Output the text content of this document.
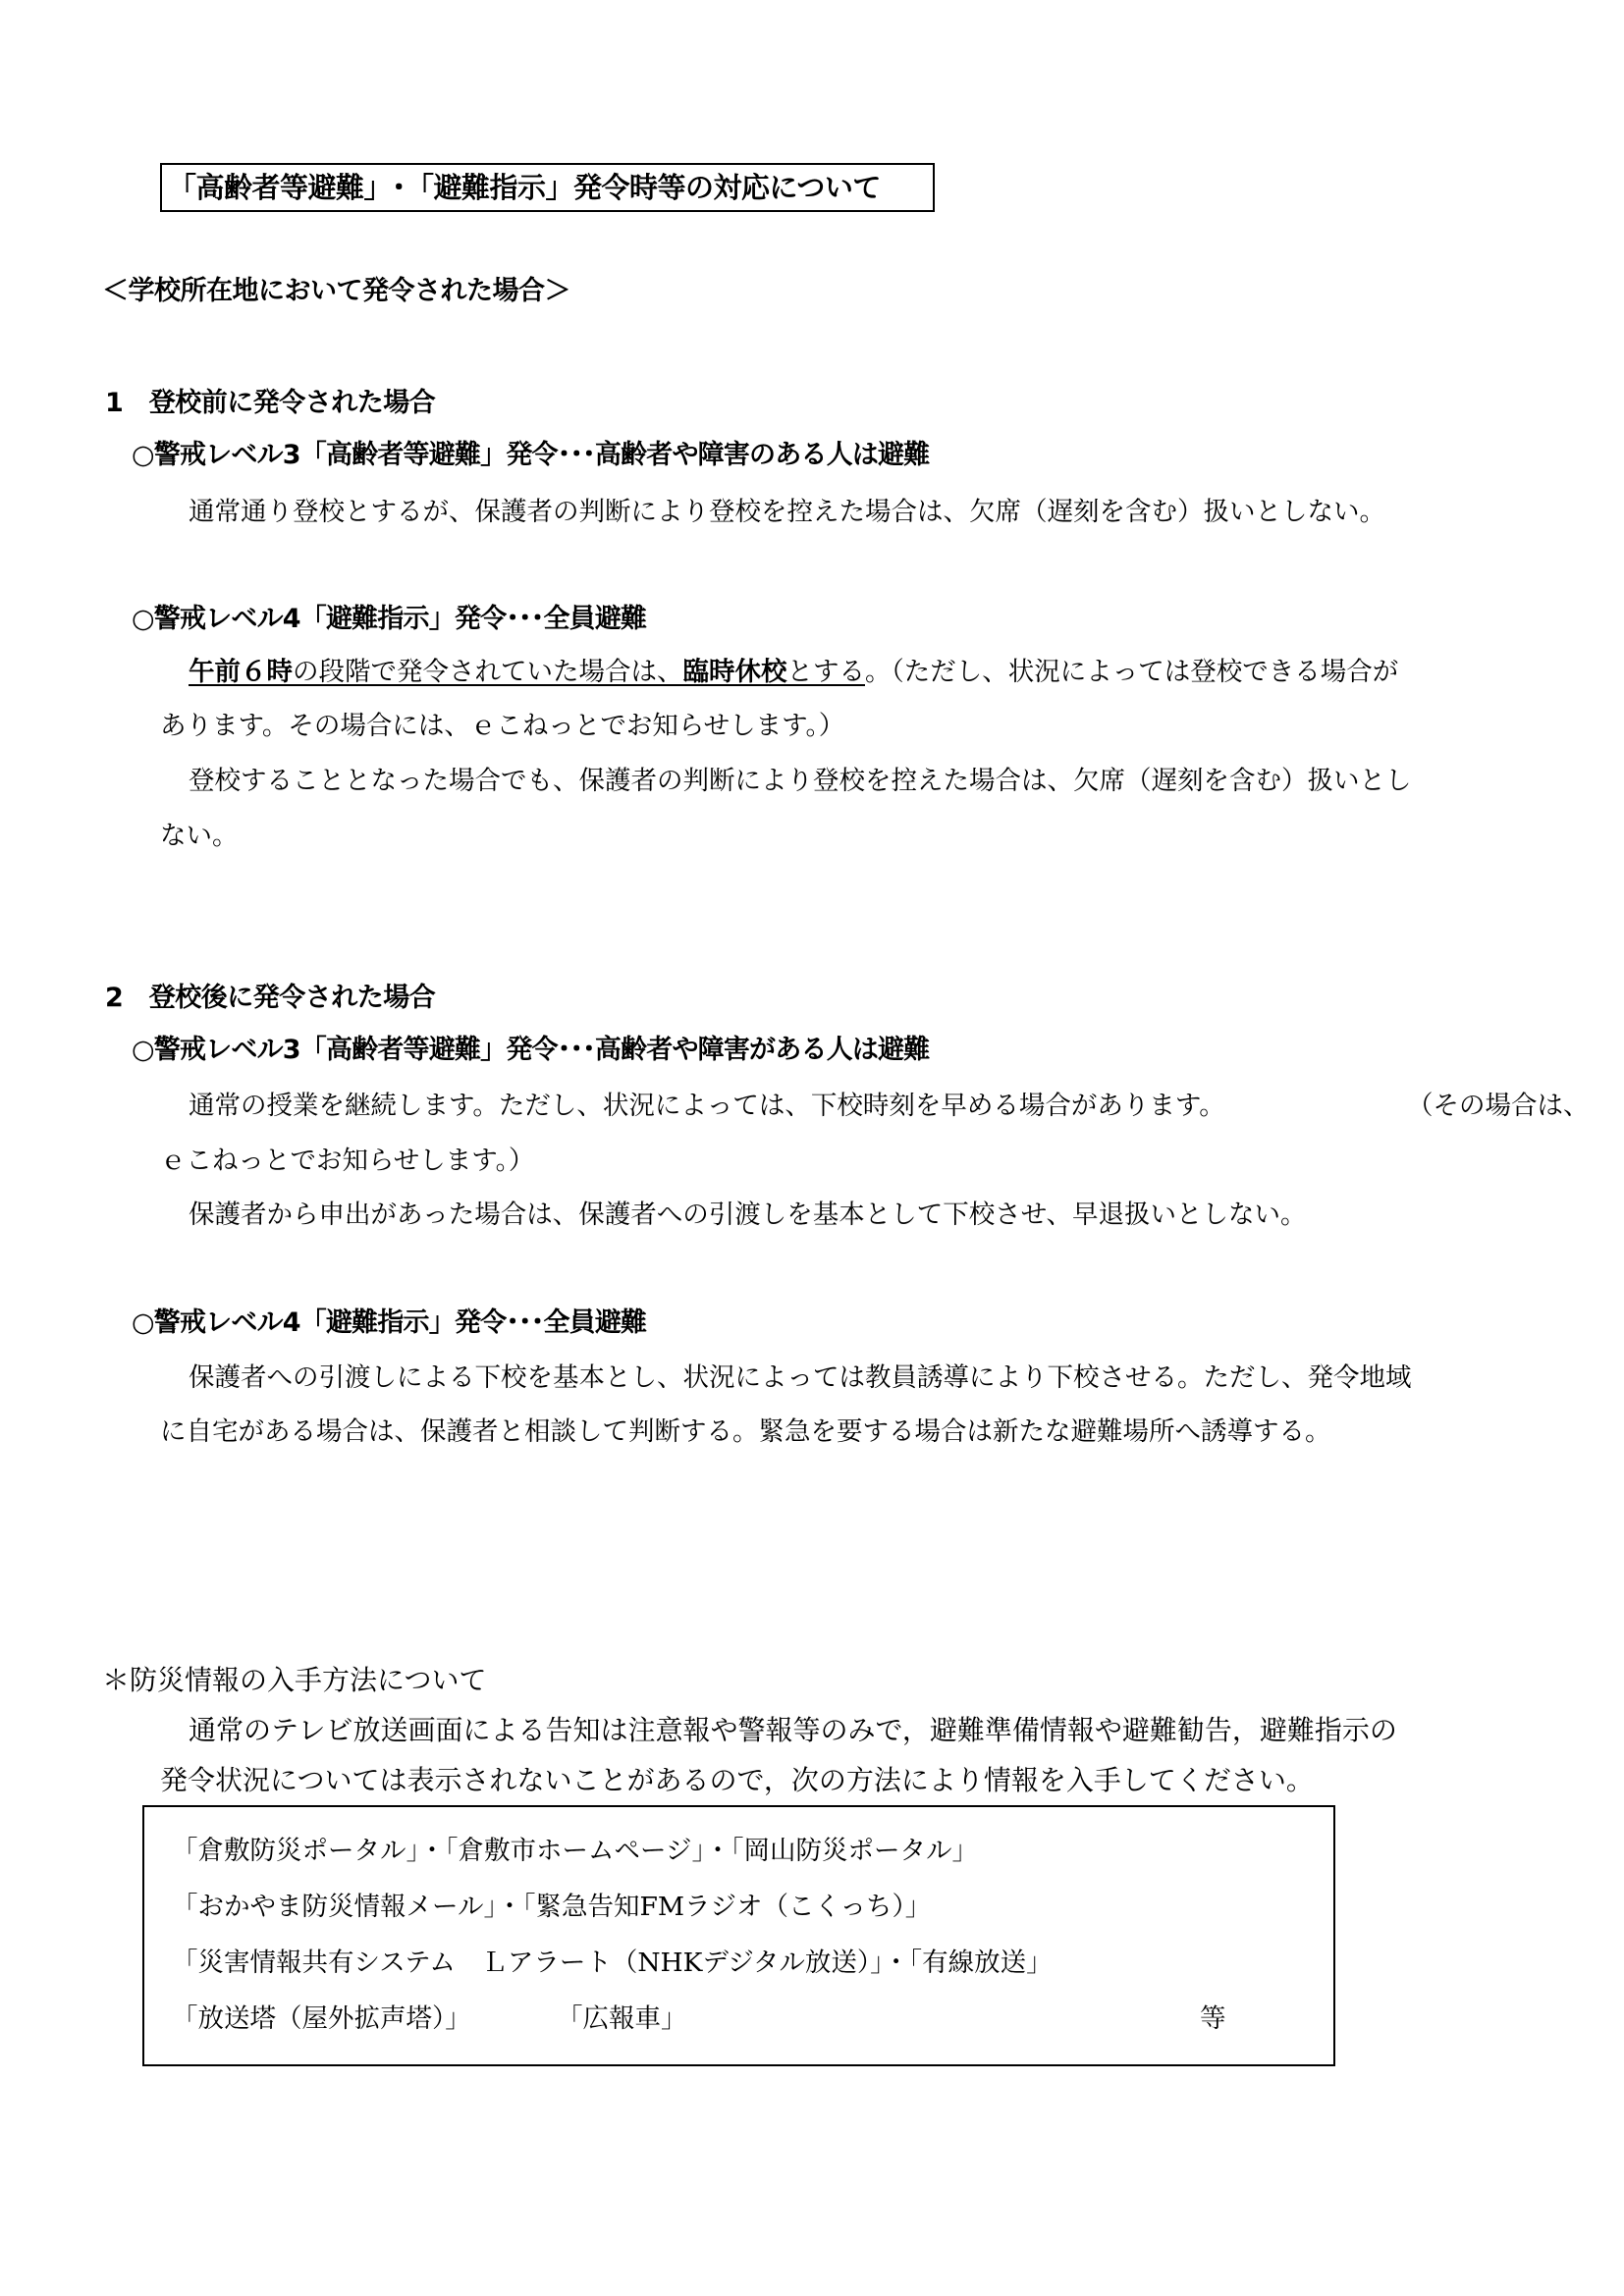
「高齢者等避難」･「避難指示」発令時等の対応について
＜学校所在地において発令された場合＞
1　登校前に発令された場合
○警戒レベル3「高齢者等避難」発令･･･高齢者や障害のある人は避難
通常通り登校とするが、保護者の判断により登校を控えた場合は、欠席（遅刻を含む）扱いとしない。
○警戒レベル4「避難指示」発令･･･全員避難
午前６時の段階で発令されていた場合は、臨時休校とする。（ただし、状況によっては登校できる場合が
あります。その場合には、ｅこねっとでお知らせします。）
登校することとなった場合でも、保護者の判断により登校を控えた場合は、欠席（遅刻を含む）扱いとし
ない。
2　登校後に発令された場合
○警戒レベル3「高齢者等避難」発令･･･高齢者や障害がある人は避難
通常の授業を継続します。ただし、状況によっては、下校時刻を早める場合があります。	（その場合は、
ｅこねっとでお知らせします。）
保護者から申出があった場合は、保護者への引渡しを基本として下校させ、早退扱いとしない。
○警戒レベル4「避難指示」発令･･･全員避難
保護者への引渡しによる下校を基本とし、状況によっては教員誘導により下校させる。ただし、発令地域
に自宅がある場合は、保護者と相談して判断する。緊急を要する場合は新たな避難場所へ誘導する。
＊防災情報の入手方法について
通常のテレビ放送画面による告知は注意報や警報等のみで，避難準備情報や避難勧告，避難指示の
発令状況については表示されないことがあるので，次の方法により情報を入手してください。
「倉敷防災ポータル」・「倉敷市ホームページ」・「岡山防災ポータル」
「おかやま防災情報メール」・「緊急告知FMラジオ（こくっち）」
「災害情報共有システム　Ｌアラート（NHKデジタル放送）」・「有線放送」
「放送塔（屋外拡声塔）」	「広報車」	等
